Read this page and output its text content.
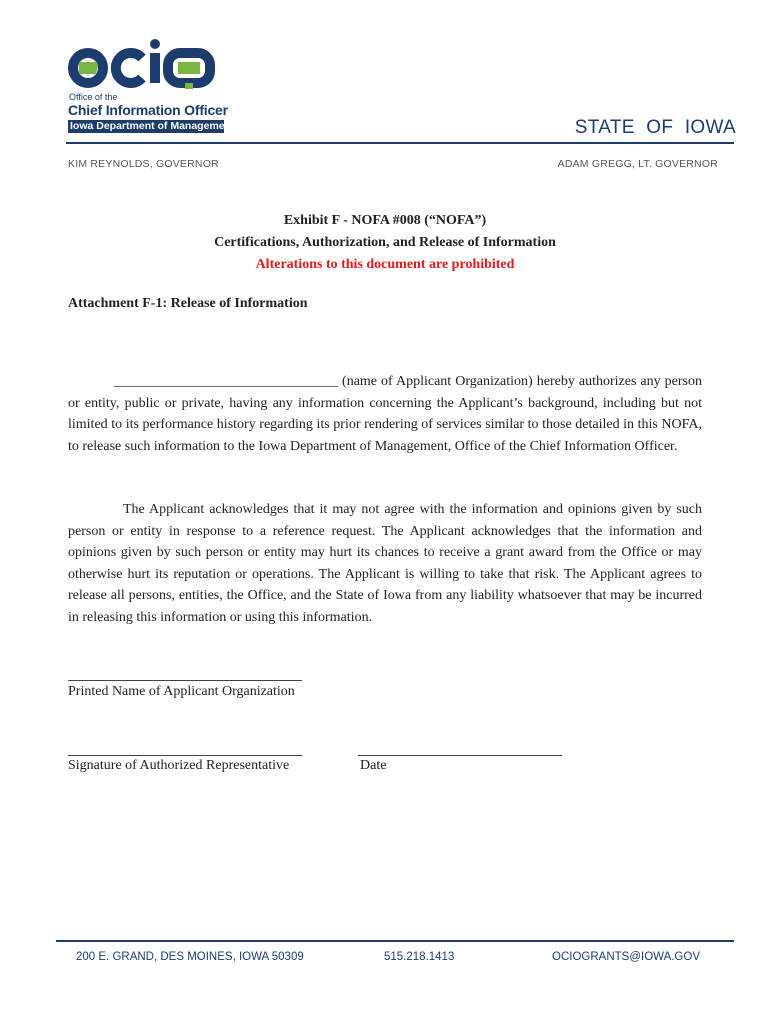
Office of the
Chief Information Officer
Iowa Department of Management	STATE OF IOWA
KIM REYNOLDS, GOVERNOR	ADAM GREGG, LT. GOVERNOR
Exhibit F - NOFA #008 (“NOFA”)
Certifications, Authorization, and Release of Information
Alterations to this document are prohibited
Attachment F-1: Release of Information
________________________________ (name of Applicant Organization) hereby authorizes any person or entity, public or private, having any information concerning the Applicant’s background, including but not limited to its performance history regarding its prior rendering of services similar to those detailed in this NOFA, to release such information to the Iowa Department of Management, Office of the Chief Information Officer.
The Applicant acknowledges that it may not agree with the information and opinions given by such person or entity in response to a reference request. The Applicant acknowledges that the information and opinions given by such person or entity may hurt its chances to receive a grant award from the Office or may otherwise hurt its reputation or operations. The Applicant is willing to take that risk. The Applicant agrees to release all persons, entities, the Office, and the State of Iowa from any liability whatsoever that may be incurred in releasing this information or using this information.
Printed Name of Applicant Organization
Signature of Authorized Representative	Date
200 E. GRAND, DES MOINES, IOWA 50309	515.218.1413	OCIOGRANTS@IOWA.GOV
